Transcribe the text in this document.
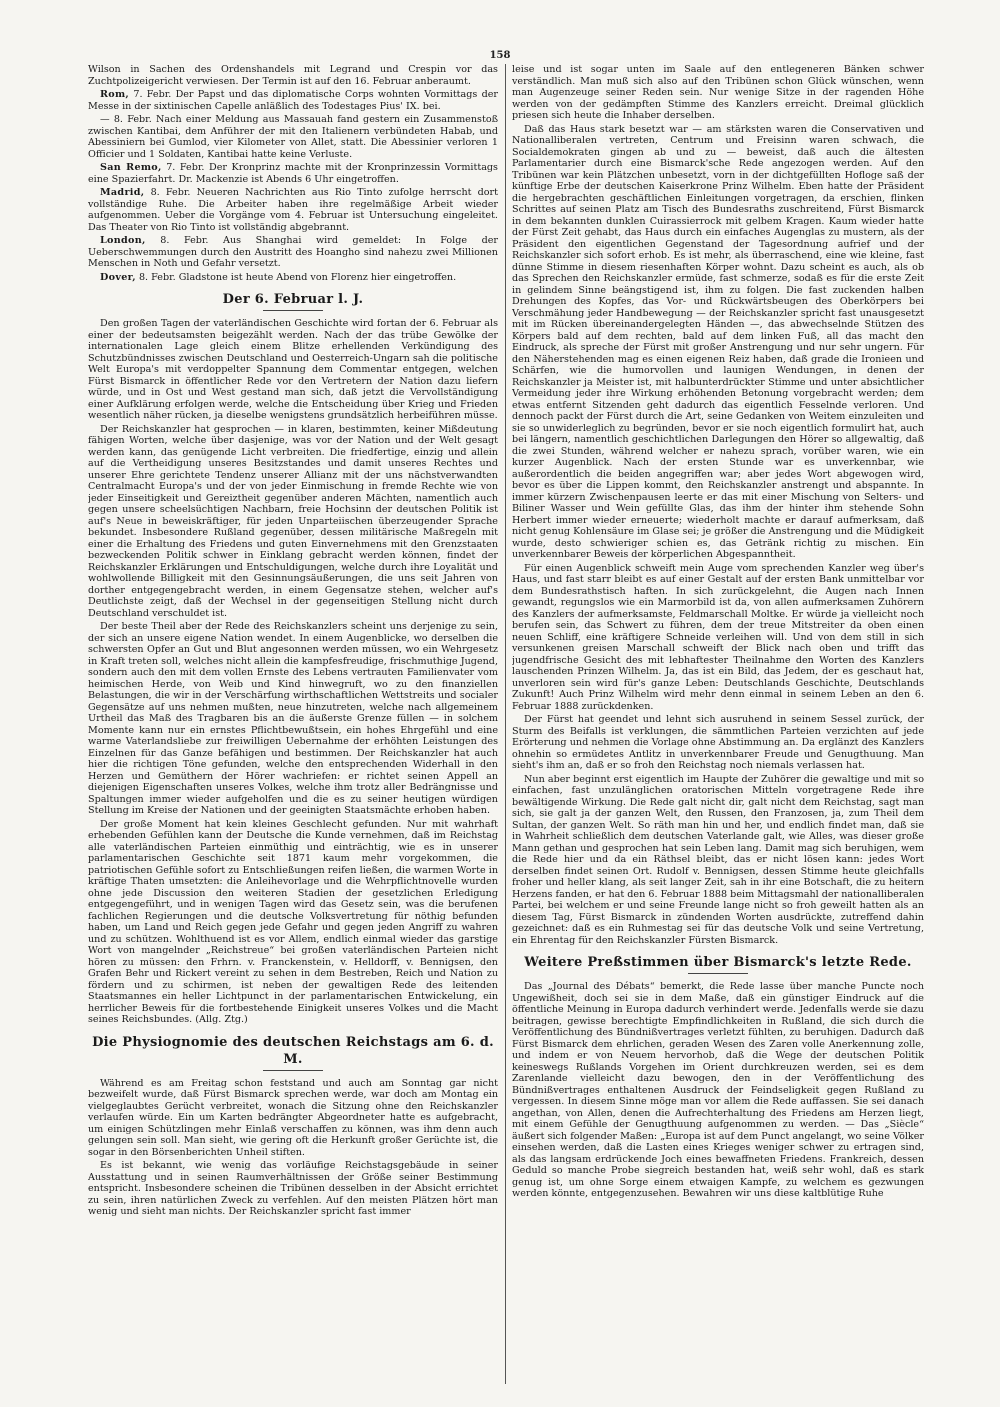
158

Wilson in Sachen des Ordenshandels mit Legrand und Crespin vor das Zuchtpolizeigericht verwiesen. Der Termin ist auf den 16. Februar anberaumt.

Rom, 7. Febr. Der Papst und das diplomatische Corps wohnten Vormittags der Messe in der sixtinischen Capelle anläßlich des Todestages Pius' IX. bei.

— 8. Febr. Nach einer Meldung aus Massauah fand gestern ein Zusammenstoß zwischen Kantibai, dem Anführer der mit den Italienern verbündeten Habab, und Abessiniern bei Gumlod, vier Kilometer von Allet, statt. Die Abessinier verloren 1 Officier und 1 Soldaten, Kantibai hatte keine Verluste.

San Remo, 7. Febr. Der Kronprinz machte mit der Kronprinzessin Vormittags eine Spazierfahrt. Dr. Mackenzie ist Abends 6 Uhr eingetroffen.

Madrid, 8. Febr. Neueren Nachrichten aus Rio Tinto zufolge herrscht dort vollständige Ruhe. Die Arbeiter haben ihre regelmäßige Arbeit wieder aufgenommen. Ueber die Vorgänge vom 4. Februar ist Untersuchung eingeleitet. Das Theater von Rio Tinto ist vollständig abgebrannt.

London, 8. Febr. Aus Shanghai wird gemeldet: In Folge der Ueberschwemmungen durch den Austritt des Hoangho sind nahezu zwei Millionen Menschen in Noth und Gefahr versetzt.

Dover, 8. Febr. Gladstone ist heute Abend von Florenz hier eingetroffen.

Der 6. Februar l. J.

Den großen Tagen der vaterländischen Geschichte wird fortan der 6. Februar als einer der bedeutsamsten beigezählt werden. Nach der das trübe Gewölke der internationalen Lage gleich einem Blitze erhellenden Verkündigung des Schutzbündnisses zwischen Deutschland und Oesterreich-Ungarn sah die politische Welt Europa's mit verdoppelter Spannung dem Commentar entgegen, welchen Fürst Bismarck in öffentlicher Rede vor den Vertretern der Nation dazu liefern würde, und in Ost und West gestand man sich, daß jetzt die Vervollständigung einer Aufklärung erfolgen werde, welche die Entscheidung über Krieg und Frieden wesentlich näher rücken, ja dieselbe wenigstens grundsätzlich herbeiführen müsse.

Der Reichskanzler hat gesprochen — in klaren, bestimmten, keiner Mißdeutung fähigen Worten, welche über dasjenige, was vor der Nation und der Welt gesagt werden kann, das genügende Licht verbreiten. Die friedfertige, einzig und allein auf die Vertheidigung unseres Besitzstandes und damit unseres Rechtes und unserer Ehre gerichtete Tendenz unserer Allianz mit der uns nächstverwandten Centralmacht Europa's und der von jeder Einmischung in fremde Rechte wie von jeder Einseitigkeit und Gereiztheit gegenüber anderen Mächten, namentlich auch gegen unsere scheelsüchtigen Nachbarn, freie Hochsinn der deutschen Politik ist auf's Neue in beweiskräftiger, für jeden Unparteiischen überzeugender Sprache bekundet. Insbesondere Rußland gegenüber, dessen militärische Maßregeln mit einer die Erhaltung des Friedens und guten Einvernehmens mit den Grenzstaaten bezweckenden Politik schwer in Einklang gebracht werden können, findet der Reichskanzler Erklärungen und Entschuldigungen, welche durch ihre Loyalität und wohlwollende Billigkeit mit den Gesinnungsäußerungen, die uns seit Jahren von dorther entgegengebracht werden, in einem Gegensatze stehen, welcher auf's Deutlichste zeigt, daß der Wechsel in der gegenseitigen Stellung nicht durch Deutschland verschuldet ist.

Der beste Theil aber der Rede des Reichskanzlers scheint uns derjenige zu sein, der sich an unsere eigene Nation wendet. In einem Augenblicke, wo derselben die schwersten Opfer an Gut und Blut angesonnen werden müssen, wo ein Wehrgesetz in Kraft treten soll, welches nicht allein die kampfesfreudige, frischmuthige Jugend, sondern auch den mit dem vollen Ernste des Lebens vertrauten Familienvater vom heimischen Herde, von Weib und Kind hinwegruft, wo zu den finanziellen Belastungen, die wir in der Verschärfung wirthschaftlichen Wettstreits und socialer Gegensätze auf uns nehmen mußten, neue hinzutreten, welche nach allgemeinem Urtheil das Maß des Tragbaren bis an die äußerste Grenze füllen — in solchem Momente kann nur ein ernstes Pflichtbewußtsein, ein hohes Ehrgefühl und eine warme Vaterlandsliebe zur freiwilligen Uebernahme der erhöhten Leistungen des Einzelnen für das Ganze befähigen und bestimmen. Der Reichskanzler hat auch hier die richtigen Töne gefunden, welche den entsprechenden Widerhall in den Herzen und Gemüthern der Hörer wachriefen: er richtet seinen Appell an diejenigen Eigenschaften unseres Volkes, welche ihm trotz aller Bedrängnisse und Spaltungen immer wieder aufgeholfen und die es zu seiner heutigen würdigen Stellung im Kreise der Nationen und der geeinigten Staatsmächte erhoben haben.

Der große Moment hat kein kleines Geschlecht gefunden. Nur mit wahrhaft erhebenden Gefühlen kann der Deutsche die Kunde vernehmen, daß im Reichstag alle vaterländischen Parteien einmüthig und einträchtig, wie es in unserer parlamentarischen Geschichte seit 1871 kaum mehr vorgekommen, die patriotischen Gefühle sofort zu Entschließungen reifen ließen, die warmen Worte in kräftige Thaten umsetzten: die Anleihevorlage und die Wehrpflichtnovelle wurden ohne jede Discussion den weiteren Stadien der gesetzlichen Erledigung entgegengeführt, und in wenigen Tagen wird das Gesetz sein, was die berufenen fachlichen Regierungen und die deutsche Volksvertretung für nöthig befunden haben, um Land und Reich gegen jede Gefahr und gegen jeden Angriff zu wahren und zu schützen. Wohlthuend ist es vor Allem, endlich einmal wieder das garstige Wort von mangelnder „Reichstreue“ bei großen vaterländischen Parteien nicht hören zu müssen: den Frhrn. v. Franckenstein, v. Helldorff, v. Bennigsen, den Grafen Behr und Rickert vereint zu sehen in dem Bestreben, Reich und Nation zu fördern und zu schirmen, ist neben der gewaltigen Rede des leitenden Staatsmannes ein heller Lichtpunct in der parlamentarischen Entwickelung, ein herrlicher Beweis für die fortbestehende Einigkeit unseres Volkes und die Macht seines Reichsbundes. (Allg. Ztg.)

Die Physiognomie des deutschen Reichstags am 6. d. M.

Während es am Freitag schon feststand und auch am Sonntag gar nicht bezweifelt wurde, daß Fürst Bismarck sprechen werde, war doch am Montag ein vielgeglaubtes Gerücht verbreitet, wonach die Sitzung ohne den Reichskanzler verlaufen würde. Ein um Karten bedrängter Abgeordneter hatte es aufgebracht, um einigen Schützlingen mehr Einlaß verschaffen zu können, was ihm denn auch gelungen sein soll. Man sieht, wie gering oft die Herkunft großer Gerüchte ist, die sogar in den Börsenberichten Unheil stiften.

Es ist bekannt, wie wenig das vorläufige Reichstagsgebäude in seiner Ausstattung und in seinen Raumverhältnissen der Größe seiner Bestimmung entspricht. Insbesondere scheinen die Tribünen desselben in der Absicht errichtet zu sein, ihren natürlichen Zweck zu verfehlen. Auf den meisten Plätzen hört man wenig und sieht man nichts. Der Reichskanzler spricht fast immer

leise und ist sogar unten im Saale auf den entlegeneren Bänken schwer verständlich. Man muß sich also auf den Tribünen schon Glück wünschen, wenn man Augenzeuge seiner Reden sein. Nur wenige Sitze in der ragenden Höhe werden von der gedämpften Stimme des Kanzlers erreicht. Dreimal glücklich priesen sich heute die Inhaber derselben.

Daß das Haus stark besetzt war — am stärksten waren die Conservativen und Nationalliberalen vertreten, Centrum und Freisinn waren schwach, die Socialdemokraten gingen ab und zu — beweist, daß auch die ältesten Parlamentarier durch eine Bismarck'sche Rede angezogen werden. Auf den Tribünen war kein Plätzchen unbesetzt, vorn in der dichtgefüllten Hofloge saß der künftige Erbe der deutschen Kaiserkrone Prinz Wilhelm. Eben hatte der Präsident die hergebrachten geschäftlichen Einleitungen vorgetragen, da erschien, flinken Schrittes auf seinen Platz am Tisch des Bundesraths zuschreitend, Fürst Bismarck in dem bekannten dunklen Cuirassierrock mit gelbem Kragen. Kaum wieder hatte der Fürst Zeit gehabt, das Haus durch ein einfaches Augenglas zu mustern, als der Präsident den eigentlichen Gegenstand der Tagesordnung aufrief und der Reichskanzler sich sofort erhob. Es ist mehr, als überraschend, eine wie kleine, fast dünne Stimme in diesem riesenhaften Körper wohnt. Dazu scheint es auch, als ob das Sprechen den Reichskanzler ermüde, fast schmerze, sodaß es für die erste Zeit in gelindem Sinne beängstigend ist, ihm zu folgen. Die fast zuckenden halben Drehungen des Kopfes, das Vor- und Rückwärtsbeugen des Oberkörpers bei Verschmähung jeder Handbewegung — der Reichskanzler spricht fast unausgesetzt mit im Rücken übereinandergelegten Händen —, das abwechselnde Stützen des Körpers bald auf dem rechten, bald auf dem linken Fuß, all das macht den Eindruck, als spreche der Fürst mit großer Anstrengung und nur sehr ungern. Für den Näherstehenden mag es einen eigenen Reiz haben, daß grade die Ironieen und Schärfen, wie die humorvollen und launigen Wendungen, in denen der Reichskanzler ja Meister ist, mit halbunterdrückter Stimme und unter absichtlicher Vermeidung jeder ihre Wirkung erhöhenden Betonung vorgebracht werden; dem etwas entfernt Sitzenden geht dadurch das eigentlich Fesselnde verloren. Und dennoch packt der Fürst durch die Art, seine Gedanken von Weitem einzuleiten und sie so unwiderleglich zu begründen, bevor er sie noch eigentlich formulirt hat, auch bei längern, namentlich geschichtlichen Darlegungen den Hörer so allgewaltig, daß die zwei Stunden, während welcher er nahezu sprach, vorüber waren, wie ein kurzer Augenblick. Nach der ersten Stunde war es unverkennbar, wie außerordentlich die beiden angegriffen war; aber jedes Wort abgewogen wird, bevor es über die Lippen kommt, den Reichskanzler anstrengt und abspannte. In immer kürzern Zwischenpausen leerte er das mit einer Mischung von Selters- und Biliner Wasser und Wein gefüllte Glas, das ihm der hinter ihm stehende Sohn Herbert immer wieder erneuerte; wiederholt machte er darauf aufmerksam, daß nicht genug Kohlensäure im Glase sei; je größer die Anstrengung und die Müdigkeit wurde, desto schwieriger schien es, das Getränk richtig zu mischen. Ein unverkennbarer Beweis der körperlichen Abgespanntheit.

Für einen Augenblick schweift mein Auge vom sprechenden Kanzler weg über's Haus, und fast starr bleibt es auf einer Gestalt auf der ersten Bank unmittelbar vor dem Bundesrathstisch haften. In sich zurückgelehnt, die Augen nach Innen gewandt, regungslos wie ein Marmorbild ist da, von allen aufmerksamen Zuhörern des Kanzlers der aufmerksamste, Feldmarschall Moltke. Er würde ja vielleicht noch berufen sein, das Schwert zu führen, dem der treue Mitstreiter da oben einen neuen Schliff, eine kräftigere Schneide verleihen will. Und von dem still in sich versunkenen greisen Marschall schweift der Blick nach oben und trifft das jugendfrische Gesicht des mit lebhaftester Theilnahme den Worten des Kanzlers lauschenden Prinzen Wilhelm. Ja, das ist ein Bild, das Jedem, der es geschaut hat, unverloren sein wird für's ganze Leben: Deutschlands Geschichte, Deutschlands Zukunft! Auch Prinz Wilhelm wird mehr denn einmal in seinem Leben an den 6. Februar 1888 zurückdenken.

Der Fürst hat geendet und lehnt sich ausruhend in seinem Sessel zurück, der Sturm des Beifalls ist verklungen, die sämmtlichen Parteien verzichten auf jede Erörterung und nehmen die Vorlage ohne Abstimmung an. Da erglänzt des Kanzlers ohnehin so ermüdetes Antlitz in unverkennbarer Freude und Genugthuung. Man sieht's ihm an, daß er so froh den Reichstag noch niemals verlassen hat.

Nun aber beginnt erst eigentlich im Haupte der Zuhörer die gewaltige und mit so einfachen, fast unzulänglichen oratorischen Mitteln vorgetragene Rede ihre bewältigende Wirkung. Die Rede galt nicht dir, galt nicht dem Reichstag, sagt man sich, sie galt ja der ganzen Welt, den Russen, den Franzosen, ja, zum Theil dem Sultan, der ganzen Welt. So räth man hin und her, und endlich findet man, daß sie in Wahrheit schließlich dem deutschen Vaterlande galt, wie Alles, was dieser große Mann gethan und gesprochen hat sein Leben lang. Damit mag sich beruhigen, wem die Rede hier und da ein Räthsel bleibt, das er nicht lösen kann: jedes Wort derselben findet seinen Ort. Rudolf v. Bennigsen, dessen Stimme heute gleichfalls froher und heller klang, als seit langer Zeit, sah in ihr eine Botschaft, die zu heitern Herzens fanden, er hat den 6. Februar 1888 beim Mittagsmahl der nationalliberalen Partei, bei welchem er und seine Freunde lange nicht so froh geweilt hatten als an diesem Tag, Fürst Bismarck in zündenden Worten ausdrückte, zutreffend dahin gezeichnet: daß es ein Ruhmestag sei für das deutsche Volk und seine Vertretung, ein Ehrentag für den Reichskanzler Fürsten Bismarck.

Weitere Preßstimmen über Bismarck's letzte Rede.

Das „Journal des Débats“ bemerkt, die Rede lasse über manche Puncte noch Ungewißheit, doch sei sie in dem Maße, daß ein günstiger Eindruck auf die öffentliche Meinung in Europa dadurch verhindert werde. Jedenfalls werde sie dazu beitragen, gewisse berechtigte Empfindlichkeiten in Rußland, die sich durch die Veröffentlichung des Bündnißvertrages verletzt fühlten, zu beruhigen. Dadurch daß Fürst Bismarck dem ehrlichen, geraden Wesen des Zaren volle Anerkennung zolle, und indem er von Neuem hervorhob, daß die Wege der deutschen Politik keineswegs Rußlands Vorgehen im Orient durchkreuzen werden, sei es dem Zarenlande vielleicht dazu bewogen, den in der Veröffentlichung des Bündnißvertrages enthaltenen Ausdruck der Feindseligkeit gegen Rußland zu vergessen. In diesem Sinne möge man vor allem die Rede auffassen. Sie sei danach angethan, von Allen, denen die Aufrechterhaltung des Friedens am Herzen liegt, mit einem Gefühle der Genugthuung aufgenommen zu werden. — Das „Siècle“ äußert sich folgender Maßen: „Europa ist auf dem Punct angelangt, wo seine Völker einsehen werden, daß die Lasten eines Krieges weniger schwer zu ertragen sind, als das langsam erdrückende Joch eines bewaffneten Friedens. Frankreich, dessen Geduld so manche Probe siegreich bestanden hat, weiß sehr wohl, daß es stark genug ist, um ohne Sorge einem etwaigen Kampfe, zu welchem es gezwungen werden könnte, entgegenzusehen. Bewahren wir uns diese kaltblütige Ruhe
